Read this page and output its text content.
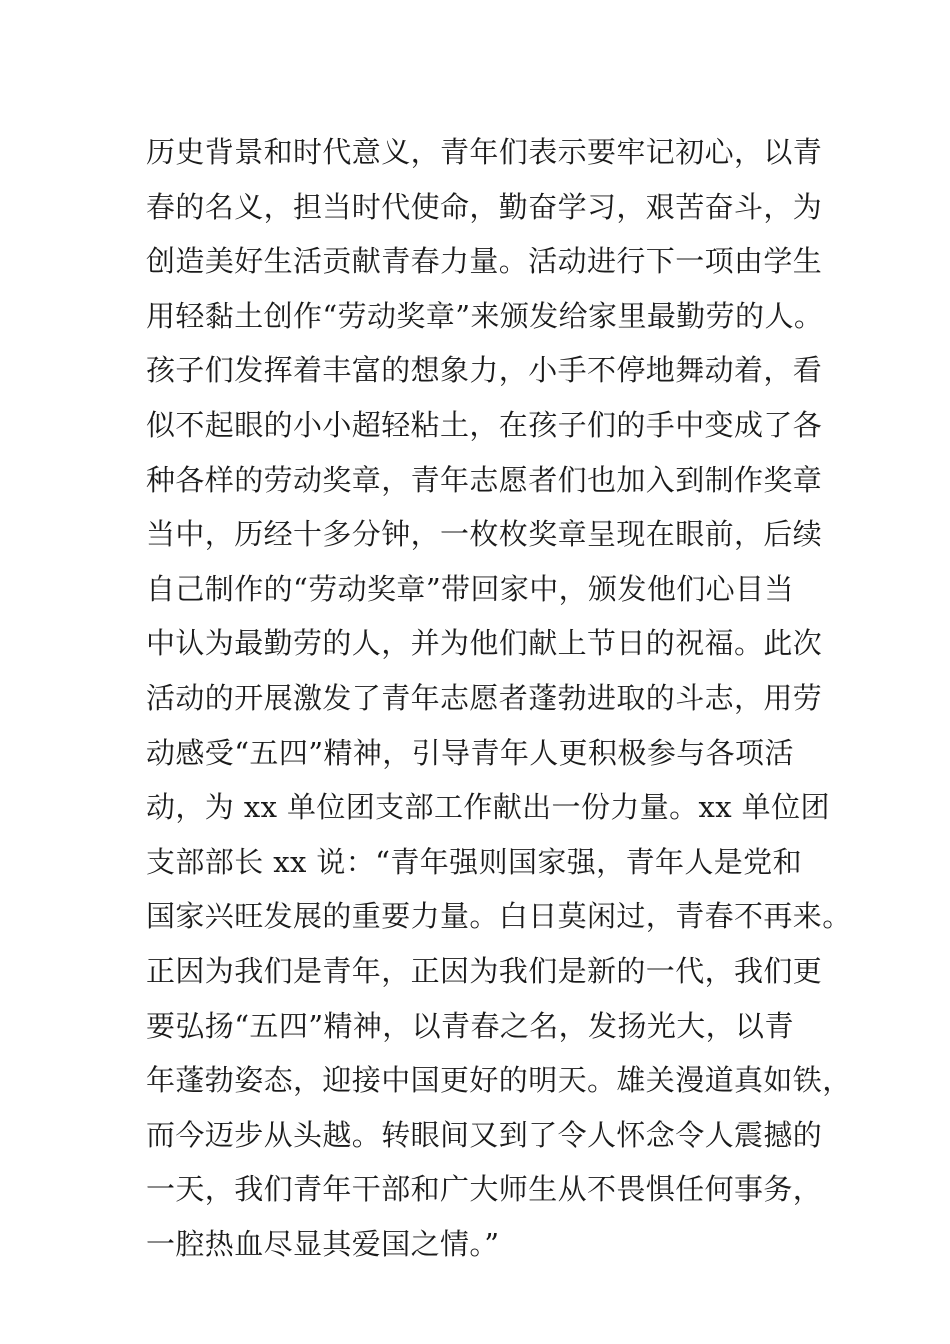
历史背景和时代意义，青年们表示要牢记初心，以青
春的名义，担当时代使命，勤奋学习，艰苦奋斗，为
创造美好生活贡献青春力量。活动进行下一项由学生
用轻黏土创作“劳动奖章”来颁发给家里最勤劳的人。
孩子们发挥着丰富的想象力，小手不停地舞动着，看
似不起眼的小小超轻粘土，在孩子们的手中变成了各
种各样的劳动奖章，青年志愿者们也加入到制作奖章
当中，历经十多分钟，一枚枚奖章呈现在眼前，后续
自己制作的“劳动奖章”带回家中，颁发他们心目当
中认为最勤劳的人，并为他们献上节日的祝福。此次
活动的开展激发了青年志愿者蓬勃进取的斗志，用劳
动感受“五四”精神，引导青年人更积极参与各项活
动，为 xx 单位团支部工作献出一份力量。xx 单位团
支部部长 xx 说：“青年强则国家强，青年人是党和
国家兴旺发展的重要力量。白日莫闲过，青春不再来。
正因为我们是青年，正因为我们是新的一代，我们更
要弘扬“五四”精神，以青春之名，发扬光大，以青
年蓬勃姿态，迎接中国更好的明天。雄关漫道真如铁，
而今迈步从头越。转眼间又到了令人怀念令人震撼的
一天，我们青年干部和广大师生从不畏惧任何事务，
一腔热血尽显其爱国之情。”
